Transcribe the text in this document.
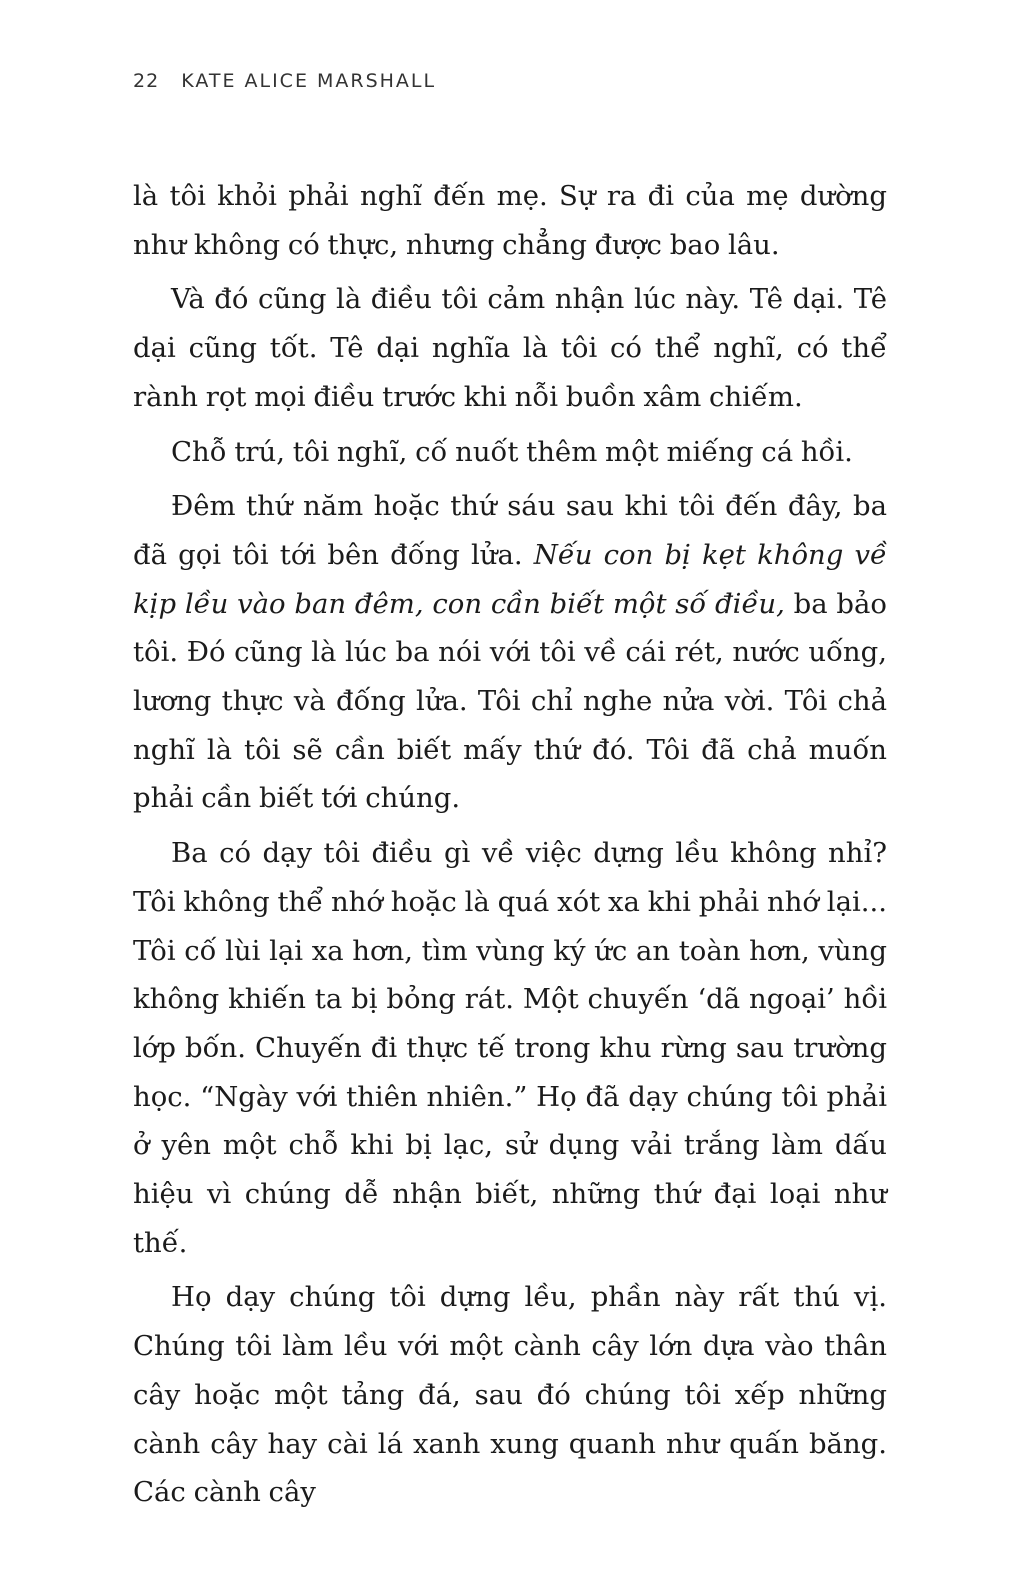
22 KATE ALICE MARSHALL

là tôi khỏi phải nghĩ đến mẹ. Sự ra đi của mẹ dường như không có thực, nhưng chẳng được bao lâu.

Và đó cũng là điều tôi cảm nhận lúc này. Tê dại. Tê dại cũng tốt. Tê dại nghĩa là tôi có thể nghĩ, có thể rành rọt mọi điều trước khi nỗi buồn xâm chiếm.

Chỗ trú, tôi nghĩ, cố nuốt thêm một miếng cá hồi.

Đêm thứ năm hoặc thứ sáu sau khi tôi đến đây, ba đã gọi tôi tới bên đống lửa. Nếu con bị kẹt không về kịp lều vào ban đêm, con cần biết một số điều, ba bảo tôi. Đó cũng là lúc ba nói với tôi về cái rét, nước uống, lương thực và đống lửa. Tôi chỉ nghe nửa vời. Tôi chả nghĩ là tôi sẽ cần biết mấy thứ đó. Tôi đã chả muốn phải cần biết tới chúng.

Ba có dạy tôi điều gì về việc dựng lều không nhỉ? Tôi không thể nhớ hoặc là quá xót xa khi phải nhớ lại... Tôi cố lùi lại xa hơn, tìm vùng ký ức an toàn hơn, vùng không khiến ta bị bỏng rát. Một chuyến ‘dã ngoại’ hồi lớp bốn. Chuyến đi thực tế trong khu rừng sau trường học. “Ngày với thiên nhiên.” Họ đã dạy chúng tôi phải ở yên một chỗ khi bị lạc, sử dụng vải trắng làm dấu hiệu vì chúng dễ nhận biết, những thứ đại loại như thế.

Họ dạy chúng tôi dựng lều, phần này rất thú vị. Chúng tôi làm lều với một cành cây lớn dựa vào thân cây hoặc một tảng đá, sau đó chúng tôi xếp những cành cây hay cài lá xanh xung quanh như quấn băng. Các cành cây
